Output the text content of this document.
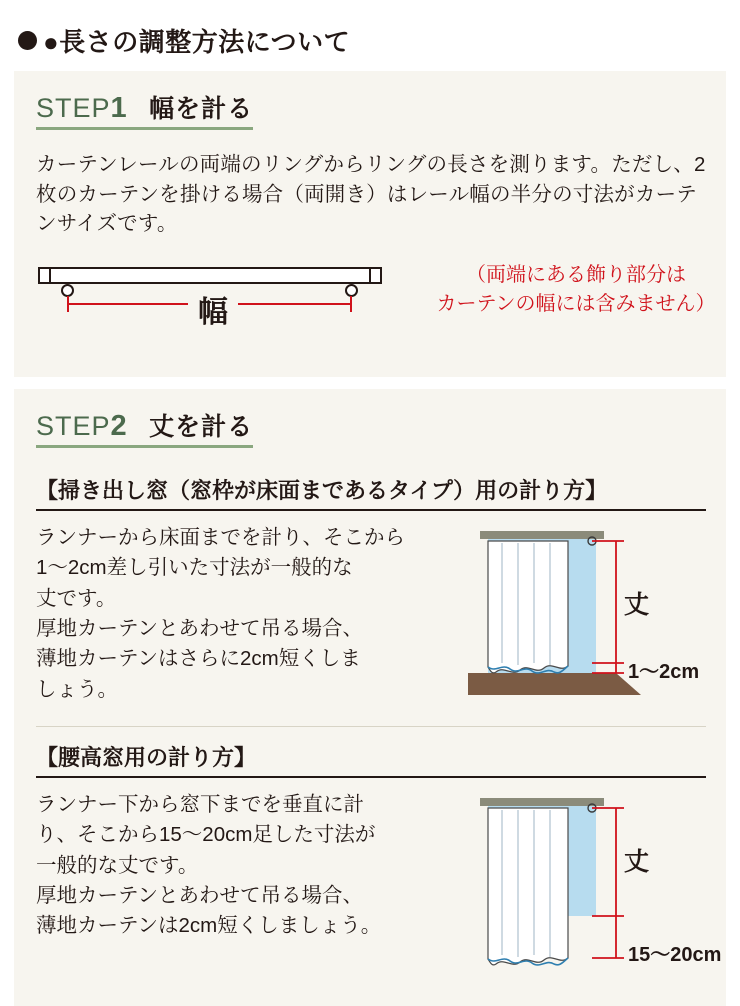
●長さの調整方法について
STEP1 幅を計る
カーテンレールの両端のリングからリングの長さを測ります。ただし、2枚のカーテンを掛ける場合（両開き）はレール幅の半分の寸法がカーテンサイズです。
幅
（両端にある飾り部分は
カーテンの幅には含みません）
STEP2 丈を計る
【掃き出し窓（窓枠が床面まであるタイプ）用の計り方】
ランナーから床面までを計り、そこから
1〜2cm差し引いた寸法が一般的な
丈です。
厚地カーテンとあわせて吊る場合、
薄地カーテンはさらに2cm短くしま
しょう。
丈
1〜2cm
【腰高窓用の計り方】
ランナー下から窓下までを垂直に計
り、そこから15〜20cm足した寸法が
一般的な丈です。
厚地カーテンとあわせて吊る場合、
薄地カーテンは2cm短くしましょう。
丈
15〜20cm
